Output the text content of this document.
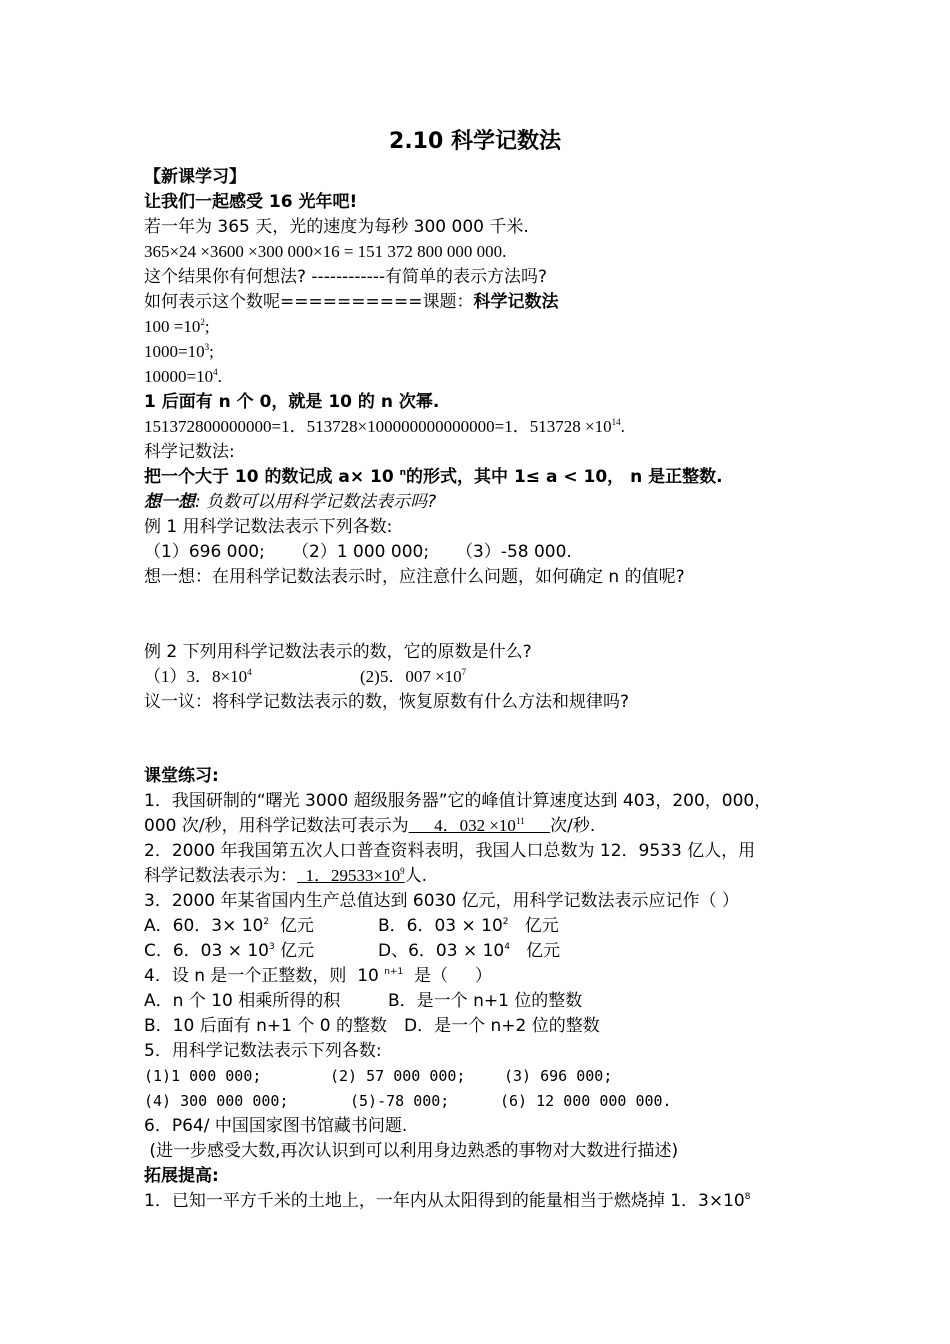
2.10 科学记数法
【新课学习】
让我们一起感受 16 光年吧!
若一年为 365 天，光的速度为每秒 300 000 千米.
365×24 ×3600 ×300 000×16 = 151 372 800 000 000.
这个结果你有何想法? ------------有简单的表示方法吗?
如何表示这个数呢==========课题：科学记数法
$100 =10^2$;
$1000=10^3$;
$10000=10^4$.
1 后面有 n 个 0，就是 10 的 n 次幂.
151372800000000=1．513728×100000000000000=1．$513728 \times 10^{14}$.
科学记数法:
把一个大于 10 的数记成 a× 10 $^n$的形式，其中 1≤ a < 10， n 是正整数.
想一想: 负数可以用科学记数法表示吗?
例 1 用科学记数法表示下列各数:
（1）696 000; （2）1 000 000; （3）-58 000.
想一想：在用科学记数法表示时，应注意什么问题，如何确定 n 的值呢?
例 2 下列用科学记数法表示的数，它的原数是什么?
（1）3．$8\times 10^4$	(2)5．$007 \times 10^7$
议一议：将科学记数法表示的数，恢复原数有什么方法和规律吗?
课堂练习:
1．我国研制的“曙光 3000 超级服务器”它的峰值计算速度达到 403，200，000，
000 次/秒，用科学记数法可表示为      4．$032 \times 10^{11}$ 次/秒.
2．2000 年我国第五次人口普查资料表明，我国人口总数为 12．9533 亿人，用
科学记数法表示为：  1．$29533\times 10^9$人.
3．2000 年某省国内生产总值达到 6030 亿元，用科学记数法表示应记作（ ）
A．60．$3\times 10^2$  亿元	B．6．$03 \times 10^2$   亿元
C．6．$03 \times 10^3$ 亿元	D、6．$03 \times 10^4$   亿元
4．设 n 是一个正整数，则  10 $^{n+1}$  是（     ）
A．n 个 10 相乘所得的积	B．是一个 n+1 位的整数
B．10 后面有 n+1 个 0 的整数 D．是一个 n+2 位的整数
5．用科学记数法表示下列各数:
(1)1 000 000;	(2) 57 000 000;	(3) 696 000;
(4) 300 000 000;	(5)-78 000;	(6) 12 000 000 000.
6．P64/ 中国国家图书馆藏书问题.
(进一步感受大数,再次认识到可以利用身边熟悉的事物对大数进行描述)
拓展提高:
1．已知一平方千米的土地上，一年内从太阳得到的能量相当于燃烧掉 1．$3\times 10^8$
